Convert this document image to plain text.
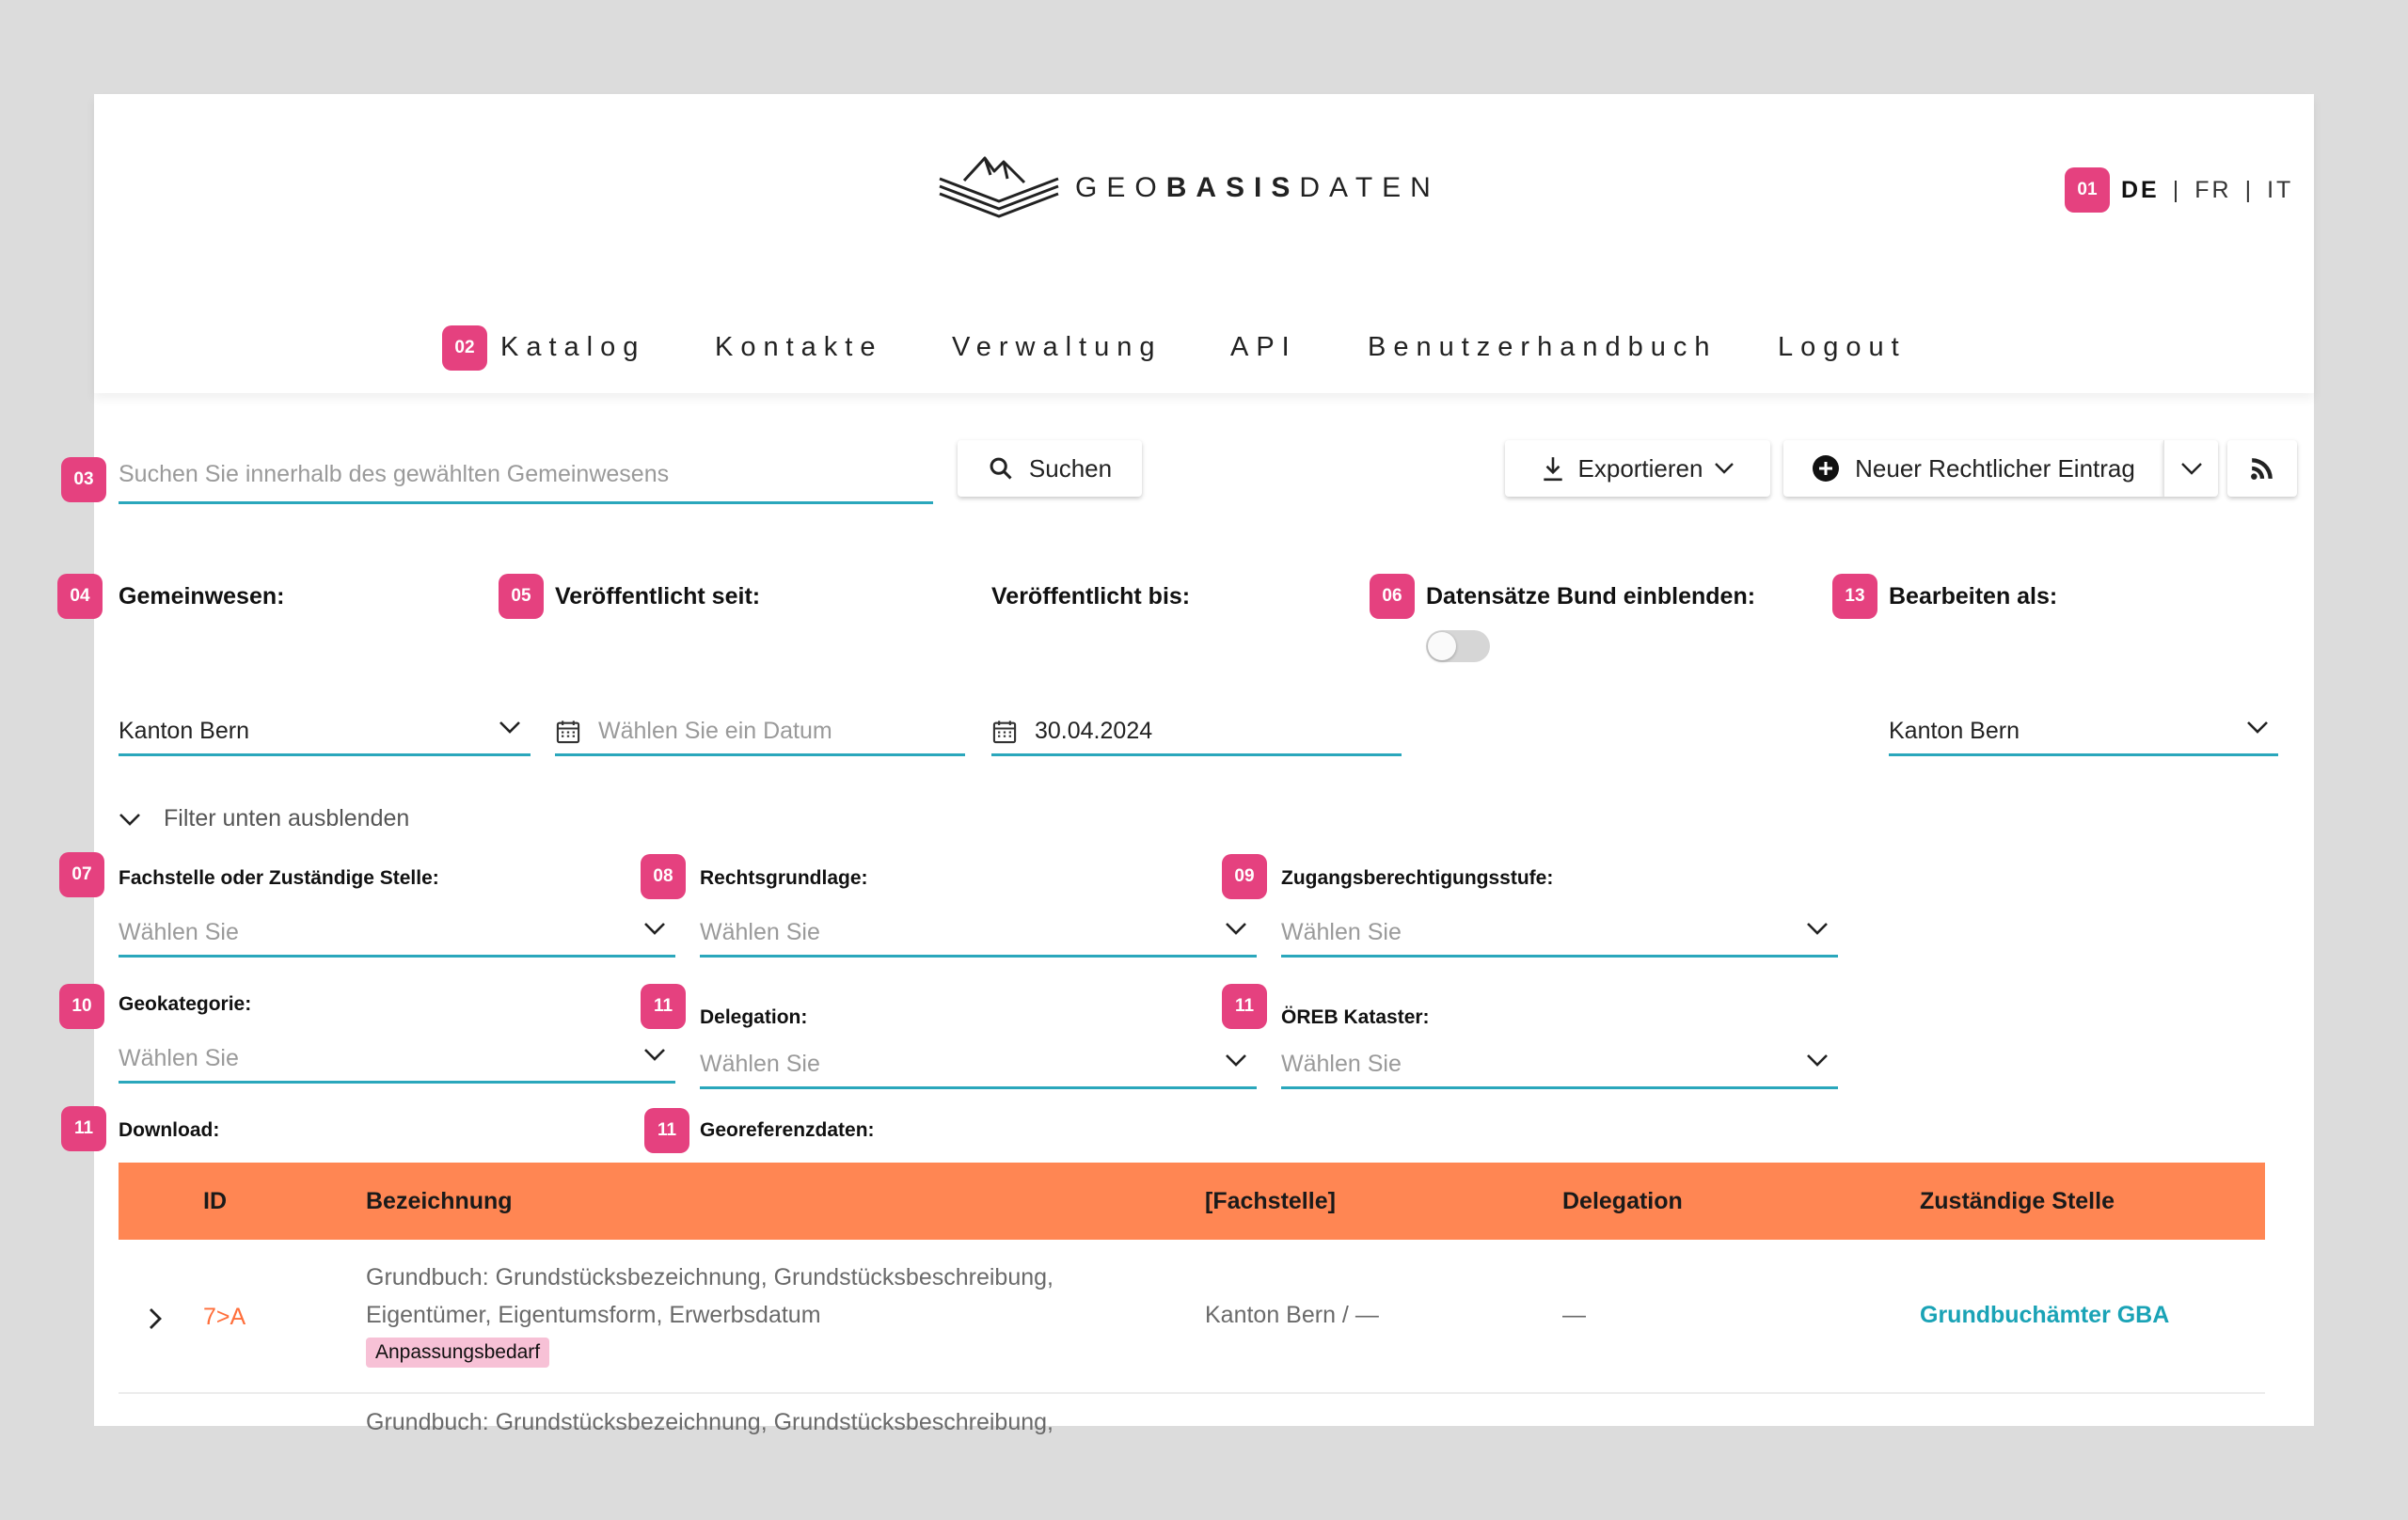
GEOBASISDATEN	01	DE | FR | IT
02 Katalog	Kontakte	Verwaltung	API	Benutzerhandbuch Logout
03
Suchen Sie innerhalb des gewählten Gemeinwesens	Suchen	Exportieren	Neuer Rechtlicher Eintrag
04	Gemeinwesen:
Kanton Bern
05	Veröffentlicht seit:
Wählen Sie ein Datum
Veröffentlicht bis:
30.04.2024
06	Datensätze Bund einblenden:	13	Bearbeiten als:
Kanton Bern
Filter unten ausblenden
07	Fachstelle oder Zuständige Stelle:
Wählen Sie
08	Rechtsgrundlage:
Wählen Sie
09	Zugangsberechtigungsstufe:
Wählen Sie
10	Geokategorie:
Wählen Sie
11
Delegation:
Wählen Sie
11
ÖREB Kataster:
Wählen Sie
11	Download:	11	Georeferenzdaten:
ID	Bezeichnung	[Fachstelle]	Delegation	Zuständige Stelle
7>A
Grundbuch: Grundstücksbezeichnung, Grundstücksbeschreibung,
Eigentümer, Eigentumsform, Erwerbsdatum
Anpassungsbedarf
Kanton Bern / —	—	Grundbuchämter GBA
Grundbuch: Grundstücksbezeichnung, Grundstücksbeschreibung,
